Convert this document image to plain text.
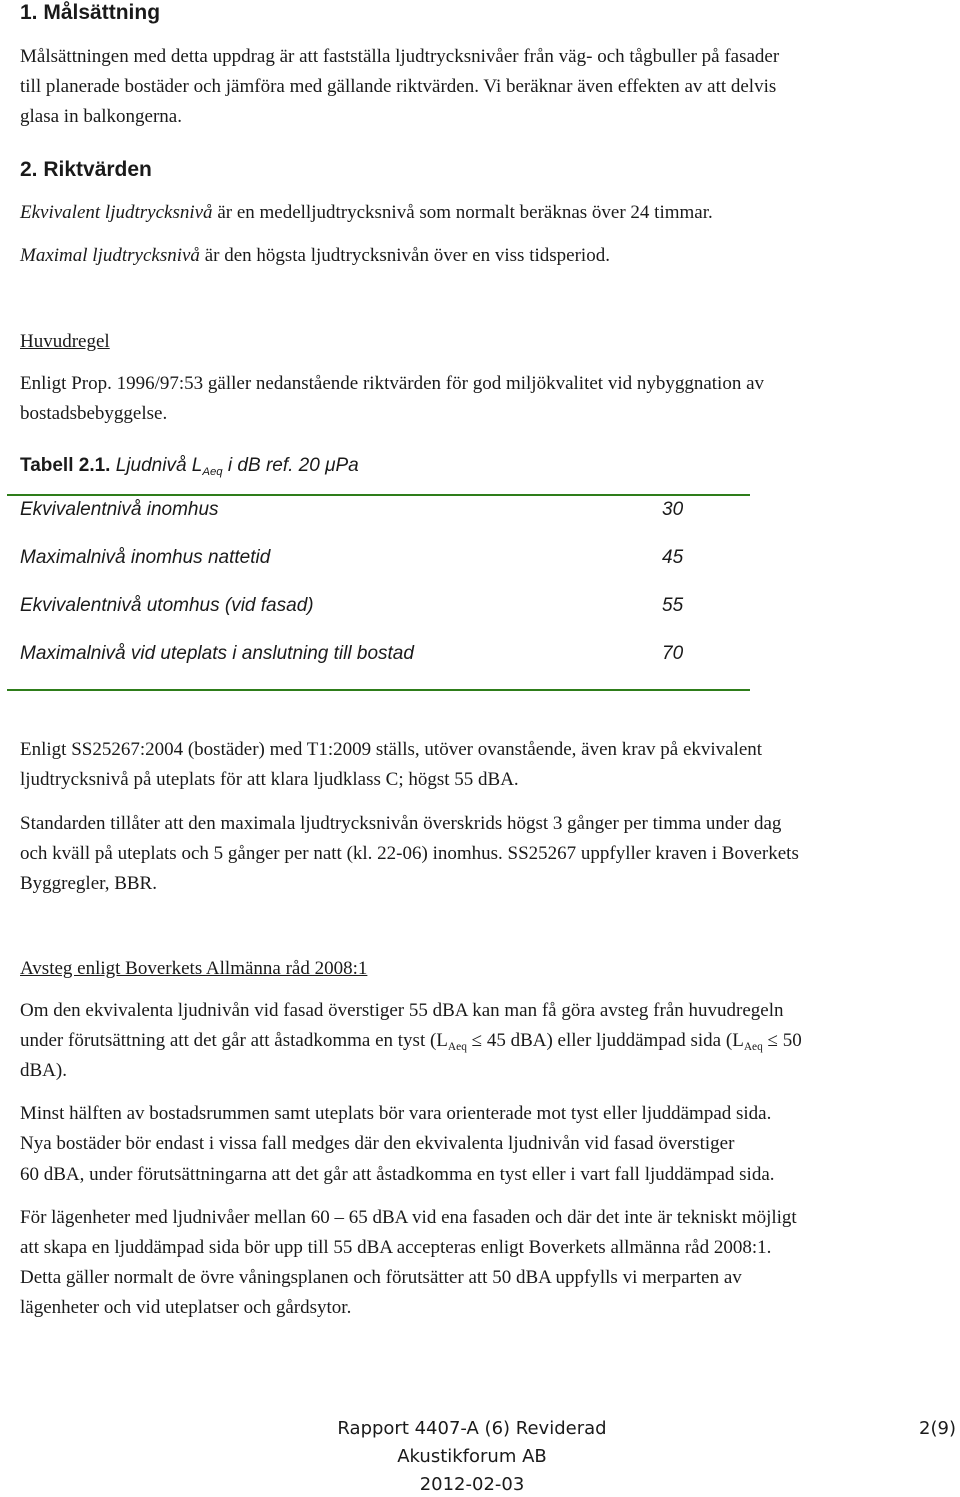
1. Målsättning
Målsättningen med detta uppdrag är att fastställa ljudtrycksnivåer från väg- och tågbuller på fasader
till planerade bostäder och jämföra med gällande riktvärden. Vi beräknar även effekten av att delvis
glasa in balkongerna.
2. Riktvärden
Ekvivalent ljudtrycksnivå är en medelljudtrycksnivå som normalt beräknas över 24 timmar.
Maximal ljudtrycksnivå är den högsta ljudtrycksnivån över en viss tidsperiod.
Huvudregel
Enligt Prop. 1996/97:53 gäller nedanstående riktvärden för god miljökvalitet vid nybyggnation av
bostadsbebyggelse.
Tabell 2.1. Ljudnivå $L_{Aeq}$ i dB ref. 20 μPa
Ekvivalentnivå inomhus	30
Maximalnivå inomhus nattetid	45
Ekvivalentnivå utomhus (vid fasad)	55
Maximalnivå vid uteplats i anslutning till bostad	70
Enligt SS25267:2004 (bostäder) med T1:2009 ställs, utöver ovanstående, även krav på ekvivalent
ljudtrycksnivå på uteplats för att klara ljudklass C; högst 55 dBA.
Standarden tillåter att den maximala ljudtrycksnivån överskrids högst 3 gånger per timma under dag
och kväll på uteplats och 5 gånger per natt (kl. 22-06) inomhus. SS25267 uppfyller kraven i Boverkets
Byggregler, BBR.
Avsteg enligt Boverkets Allmänna råd 2008:1
Om den ekvivalenta ljudnivån vid fasad överstiger 55 dBA kan man få göra avsteg från huvudregeln
under förutsättning att det går att åstadkomma en tyst ($L_{Aeq} \le 45$ dBA) eller ljuddämpad sida ($L_{Aeq} \le 50$
dBA).
Minst hälften av bostadsrummen samt uteplats bör vara orienterade mot tyst eller ljuddämpad sida.
Nya bostäder bör endast i vissa fall medges där den ekvivalenta ljudnivån vid fasad överstiger
60 dBA, under förutsättningarna att det går att åstadkomma en tyst eller i vart fall ljuddämpad sida.
För lägenheter med ljudnivåer mellan 60 – 65 dBA vid ena fasaden och där det inte är tekniskt möjligt
att skapa en ljuddämpad sida bör upp till 55 dBA accepteras enligt Boverkets allmänna råd 2008:1.
Detta gäller normalt de övre våningsplanen och förutsätter att 50 dBA uppfylls vi merparten av
lägenheter och vid uteplatser och gårdsytor.
Rapport 4407-A (6) Reviderad
Akustikforum AB
2012-02-03
2(9)
